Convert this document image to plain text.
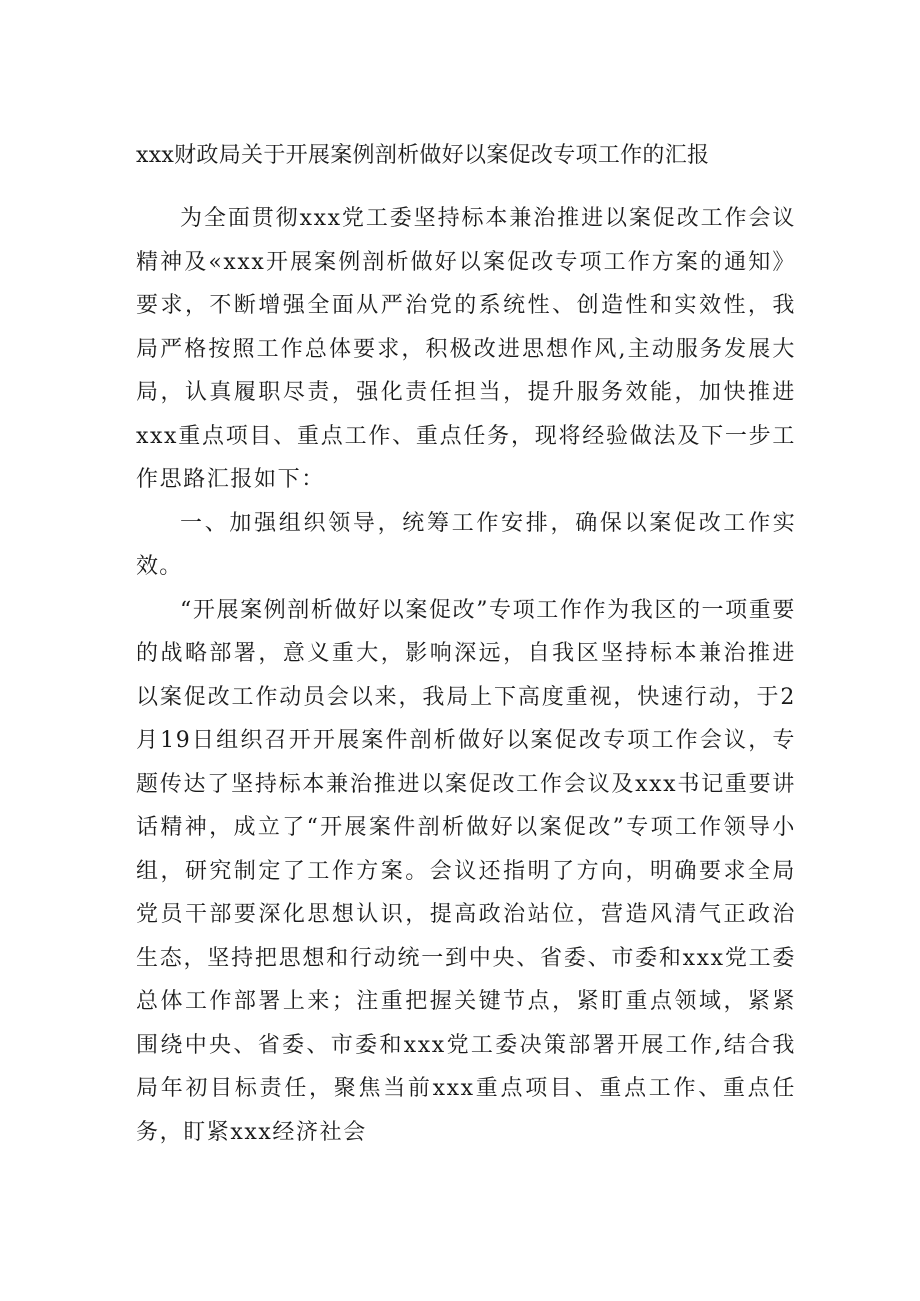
xxx财政局关于开展案例剖析做好以案促改专项工作的汇报

为全面贯彻xxx党工委坚持标本兼治推进以案促改工作会议精神及«xxx开展案例剖析做好以案促改专项工作方案的通知》要求，不断增强全面从严治党的系统性、创造性和实效性，我局严格按照工作总体要求，积极改进思想作风,主动服务发展大局，认真履职尽责，强化责任担当，提升服务效能，加快推进xxx重点项目、重点工作、重点任务，现将经验做法及下一步工作思路汇报如下：

一、加强组织领导，统筹工作安排，确保以案促改工作实效。

“开展案例剖析做好以案促改”专项工作作为我区的一项重要的战略部署，意义重大，影响深远，自我区坚持标本兼治推进以案促改工作动员会以来，我局上下高度重视，快速行动，于2月19日组织召开开展案件剖析做好以案促改专项工作会议，专题传达了坚持标本兼治推进以案促改工作会议及xxx书记重要讲话精神，成立了“开展案件剖析做好以案促改”专项工作领导小组，研究制定了工作方案。会议还指明了方向，明确要求全局党员干部要深化思想认识，提高政治站位，营造风清气正政治生态，坚持把思想和行动统一到中央、省委、市委和xxx党工委总体工作部署上来；注重把握关键节点，紧盯重点领域，紧紧围绕中央、省委、市委和xxx党工委决策部署开展工作,结合我局年初目标责任，聚焦当前xxx重点项目、重点工作、重点任务，盯紧xxx经济社会
